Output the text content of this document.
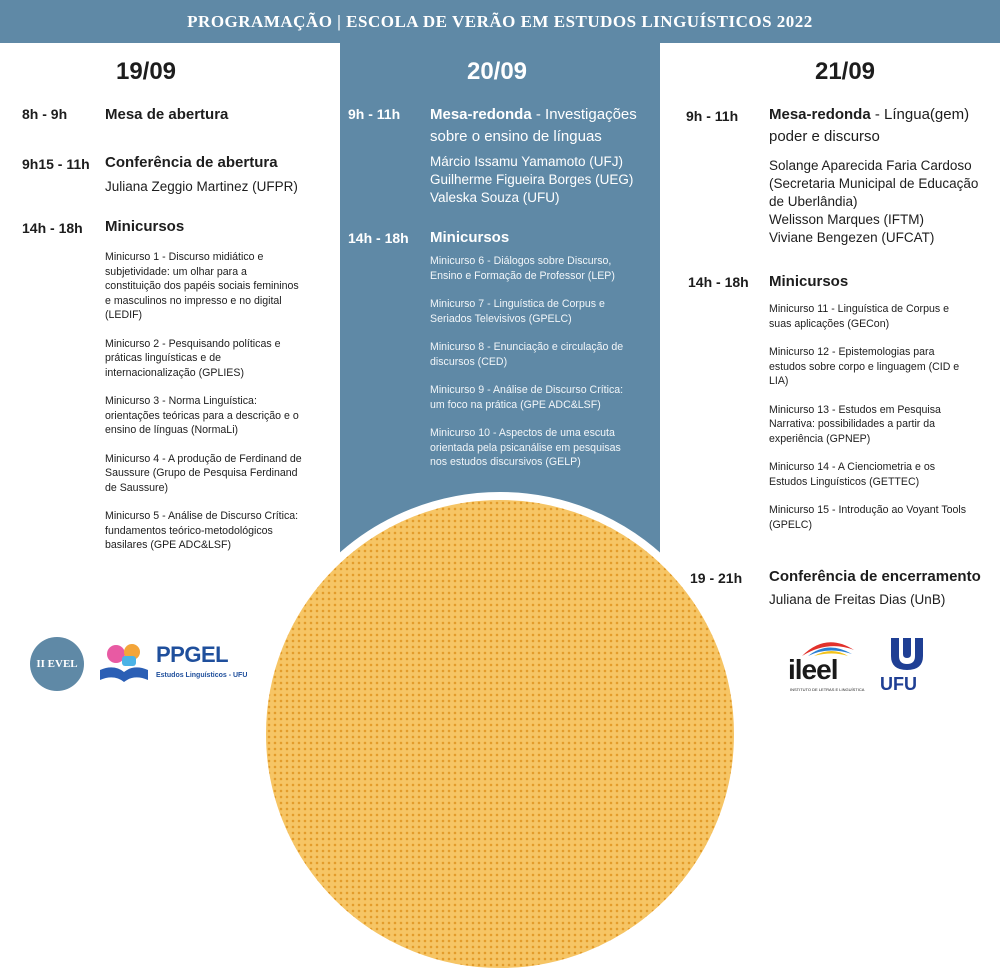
PROGRAMAÇÃO | ESCOLA DE VERÃO EM ESTUDOS LINGUÍSTICOS 2022
19/09
8h - 9h	Mesa de abertura
9h15 - 11h Conferência de abertura
Juliana Zeggio Martinez (UFPR)
14h - 18h Minicursos

Minicurso 1 - Discurso midiático e subjetividade: um olhar para a constituição dos papéis sociais femininos e masculinos no impresso e no digital (LEDIF)

Minicurso 2 - Pesquisando políticas e práticas linguísticas e de internacionalização (GPLIES)

Minicurso 3 - Norma Linguística: orientações teóricas para a descrição e o ensino de línguas (NormaLi)

Minicurso 4 - A produção de Ferdinand de Saussure (Grupo de Pesquisa Ferdinand de Saussure)

Minicurso 5 - Análise de Discurso Crítica: fundamentos teórico-metodológicos basilares (GPE ADC&LSF)

20/09
9h - 11h Mesa-redonda - Investigações sobre o ensino de línguas
Márcio Issamu Yamamoto (UFJ)
Guilherme Figueira Borges (UEG)
Valeska Souza (UFU)
14h - 18h Minicursos

Minicurso 6 - Diálogos sobre Discurso, Ensino e Formação de Professor (LEP)

Minicurso 7 - Linguística de Corpus e Seriados Televisivos (GPELC)

Minicurso 8 - Enunciação e circulação de discursos (CED)

Minicurso 9 - Análise de Discurso Crítica: um foco na prática (GPE ADC&LSF)

Minicurso 10 - Aspectos de uma escuta orientada pela psicanálise em pesquisas nos estudos discursivos (GELP)

21/09
9h - 11h Mesa-redonda - Língua(gem) poder e discurso
Solange Aparecida Faria Cardoso (Secretaria Municipal de Educação de Uberlândia)
Welisson Marques (IFTM)
Viviane Bengezen (UFCAT)
14h - 18h Minicursos

Minicurso 11 - Linguística de Corpus e suas aplicações (GECon)

Minicurso 12 - Epistemologias para estudos sobre corpo e linguagem (CID e LIA)

Minicurso 13 - Estudos em Pesquisa Narrativa: possibilidades a partir da experiência (GPNEP)

Minicurso 14 - A Cienciometria e os Estudos Linguísticos (GETTEC)

Minicurso 15 - Introdução ao Voyant Tools (GPELC)

19 - 21h Conferência de encerramento
Juliana de Freitas Dias (UnB)
II EVEL	PPGEL
Estudos Linguísticos - UFU	ileel
INSTITUTO DE LETRAS E LINGUÍSTICA UFU
